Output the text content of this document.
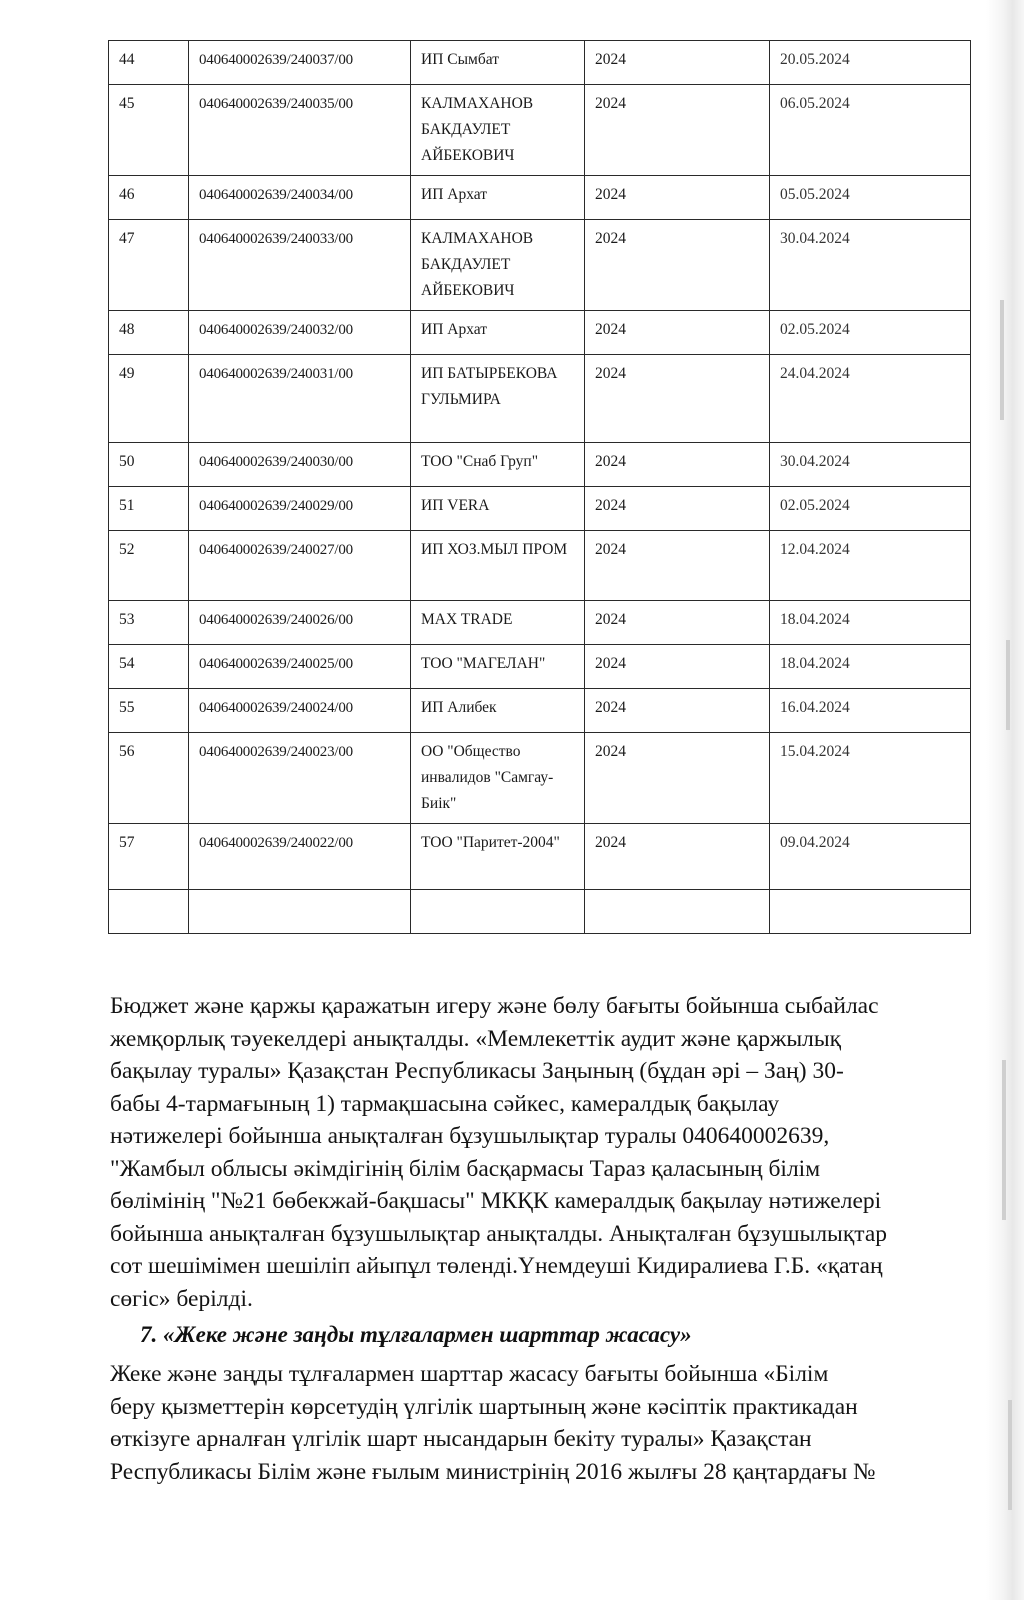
44	040640002639/240037/00	ИП Сымбат	2024	20.05.2024
45	040640002639/240035/00	КАЛМАХАНОВ БАКДАУЛЕТ АЙБЕКОВИЧ	2024	06.05.2024
46	040640002639/240034/00	ИП Архат	2024	05.05.2024
47	040640002639/240033/00	КАЛМАХАНОВ БАКДАУЛЕТ АЙБЕКОВИЧ	2024	30.04.2024
48	040640002639/240032/00	ИП Архат	2024	02.05.2024
49	040640002639/240031/00	ИП БАТЫРБЕКОВА ГУЛЬМИРА	2024	24.04.2024
50	040640002639/240030/00	ТОО "Снаб Груп"	2024	30.04.2024
51	040640002639/240029/00	ИП VERA	2024	02.05.2024
52	040640002639/240027/00	ИП ХОЗ.МЫЛ ПРОМ	2024	12.04.2024
53	040640002639/240026/00	MAX TRADE	2024	18.04.2024
54	040640002639/240025/00	ТОО "МАГЕЛАН"	2024	18.04.2024
55	040640002639/240024/00	ИП Алибек	2024	16.04.2024
56	040640002639/240023/00	ОО "Общество инвалидов "Самгау-Биік"	2024	15.04.2024
57	040640002639/240022/00	ТОО "Паритет-2004"	2024	09.04.2024

Бюджет және қаржы қаражатын игеру және бөлу бағыты бойынша сыбайлас
жемқорлық тәуекелдері анықталды. «Мемлекеттік аудит және қаржылық
бақылау туралы» Қазақстан Республикасы Заңының (бұдан әрі – Заң) 30-
бабы 4-тармағының 1) тармақшасына сәйкес, камералдық бақылау
нәтижелері бойынша анықталған бұзушылықтар туралы 040640002639,
"Жамбыл облысы әкімдігінің білім басқармасы Тараз қаласының білім
бөлімінің "№21 бөбекжай-бақшасы" МКҚК камералдық бақылау нәтижелері
бойынша анықталған бұзушылықтар анықталды. Анықталған бұзушылықтар
сот шешімімен шешіліп айыпұл төленді.Үнемдеуші Кидиралиева Г.Б. «қатаң
сөгіс» берілді.
7. «Жеке және заңды тұлғалармен шарттар жасасу»
Жеке және заңды тұлғалармен шарттар жасасу бағыты бойынша «Білім
беру қызметтерін көрсетудің үлгілік шартының және кәсіптік практикадан
өткізуге арналған үлгілік шарт нысандарын бекіту туралы» Қазақстан
Республикасы Білім және ғылым министрінің 2016 жылғы 28 қаңтардағы №
